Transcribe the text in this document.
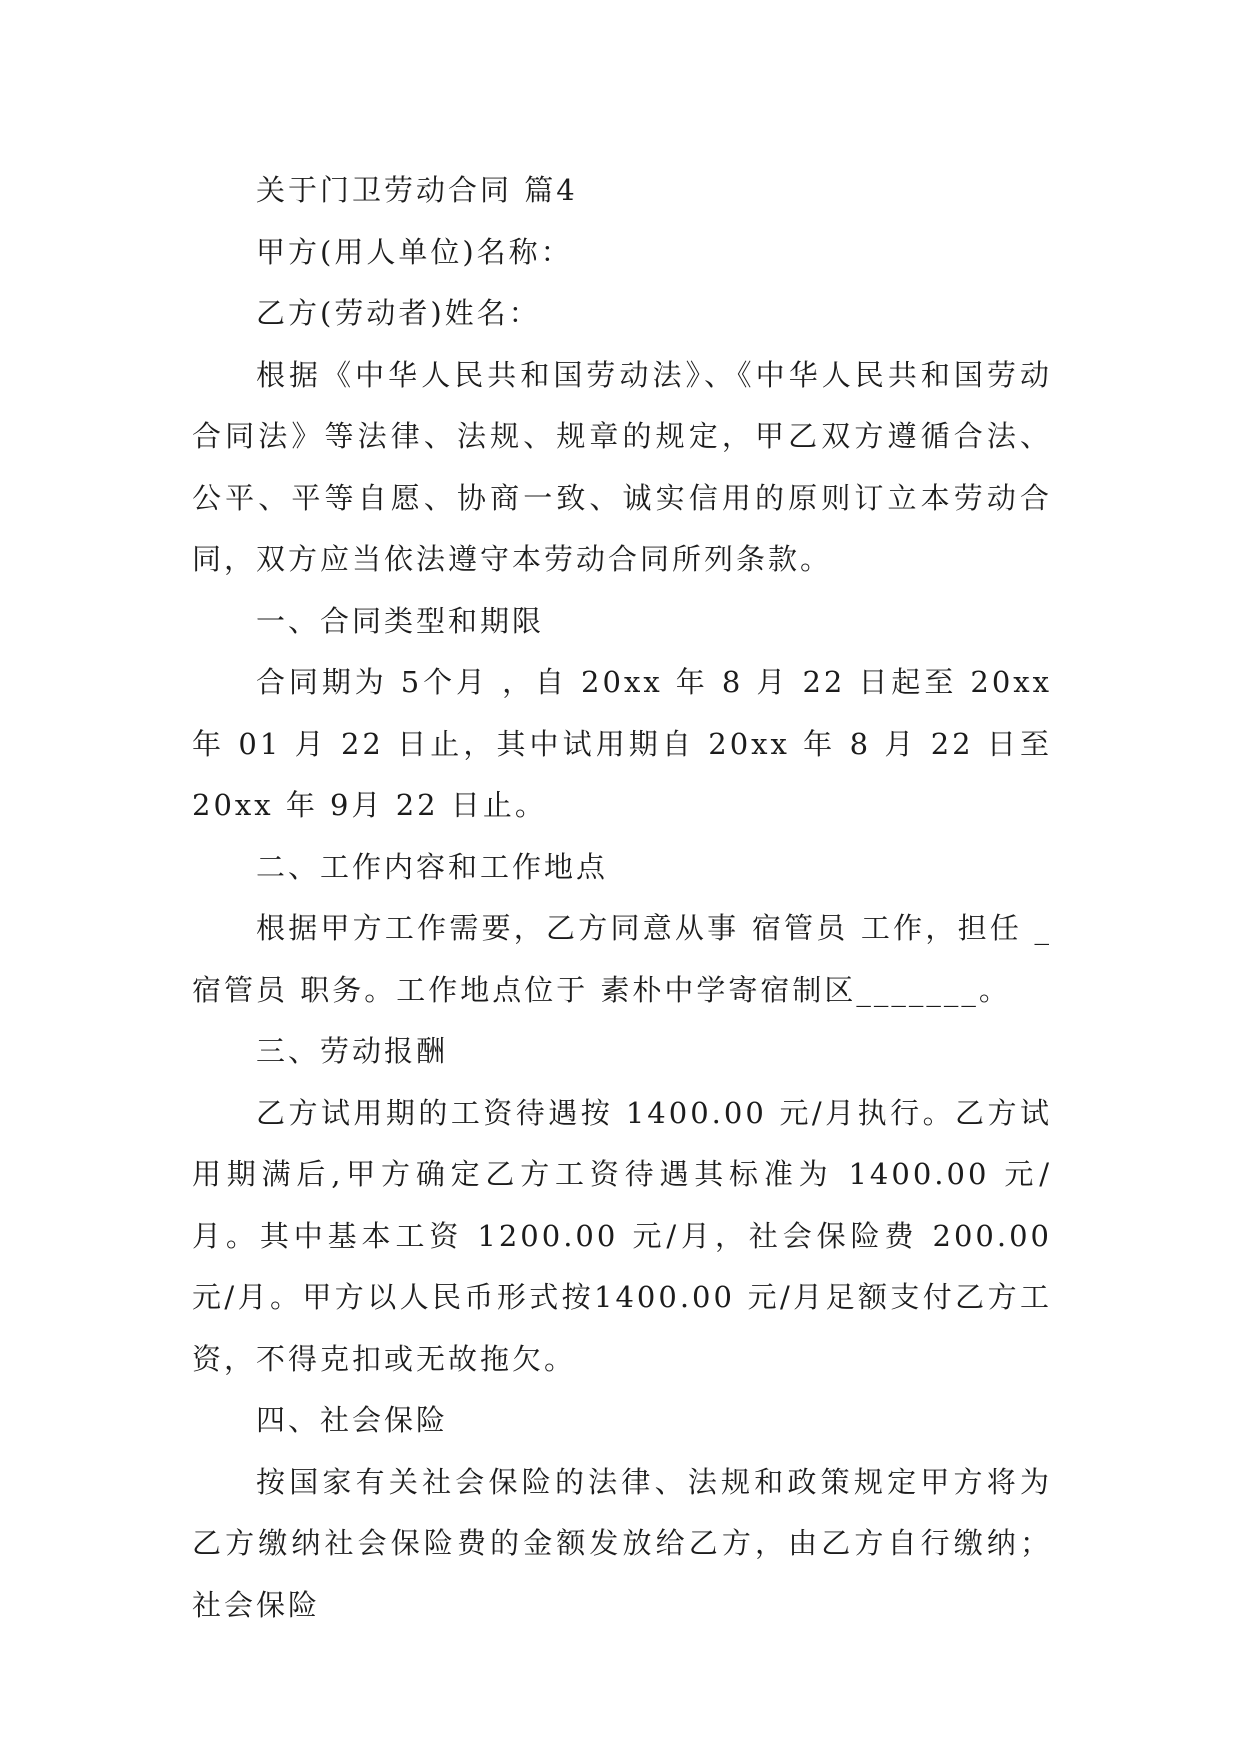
关于门卫劳动合同 篇4

甲方(用人单位)名称：

乙方(劳动者)姓名：

根据《中华人民共和国劳动法》、《中华人民共和国劳动合同法》等法律、法规、规章的规定，甲乙双方遵循合法、公平、平等自愿、协商一致、诚实信用的原则订立本劳动合同，双方应当依法遵守本劳动合同所列条款。

一、合同类型和期限

合同期为 5个月 ，自 20xx 年 8 月 22 日起至 20xx 年 01 月 22 日止，其中试用期自 20xx 年 8 月 22 日至 20xx 年 9月 22 日止。

二、工作内容和工作地点

根据甲方工作需要，乙方同意从事 宿管员 工作，担任 _宿管员 职务。工作地点位于 素朴中学寄宿制区_______。

三、劳动报酬

乙方试用期的工资待遇按 1400.00 元/月执行。乙方试用期满后,甲方确定乙方工资待遇其标准为 1400.00 元/月。其中基本工资 1200.00 元/月，社会保险费 200.00 元/月。甲方以人民币形式按1400.00 元/月足额支付乙方工资，不得克扣或无故拖欠。

四、社会保险

按国家有关社会保险的法律、法规和政策规定甲方将为乙方缴纳社会保险费的金额发放给乙方，由乙方自行缴纳；社会保险
